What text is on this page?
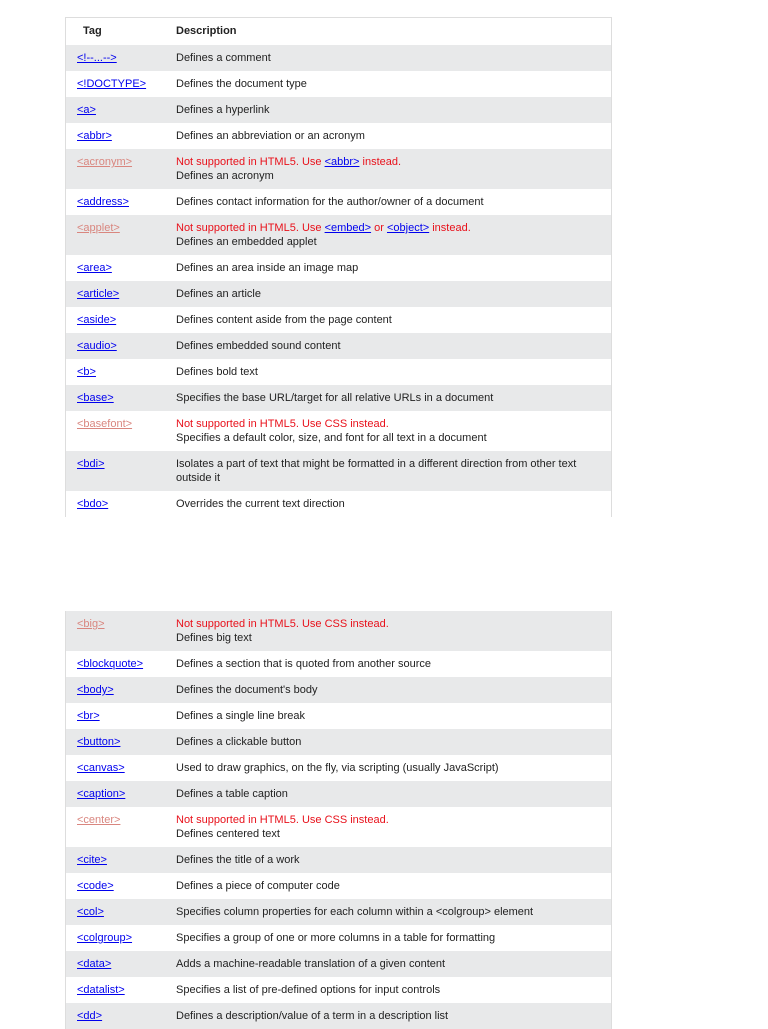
Tag	Description
<!--...-->	Defines a comment
<!DOCTYPE>	Defines the document type
<a>	Defines a hyperlink
<abbr>	Defines an abbreviation or an acronym
<acronym>	Not supported in HTML5. Use <abbr> instead.
Defines an acronym
<address>	Defines contact information for the author/owner of a document
<applet>	Not supported in HTML5. Use <embed> or <object> instead.
Defines an embedded applet
<area>	Defines an area inside an image map
<article>	Defines an article
<aside>	Defines content aside from the page content
<audio>	Defines embedded sound content
<b>	Defines bold text
<base>	Specifies the base URL/target for all relative URLs in a document
<basefont>	Not supported in HTML5. Use CSS instead.
Specifies a default color, size, and font for all text in a document
<bdi>	Isolates a part of text that might be formatted in a different direction from other text outside it
<bdo>	Overrides the current text direction
<big>	Not supported in HTML5. Use CSS instead.
Defines big text
<blockquote>	Defines a section that is quoted from another source
<body>	Defines the document's body
<br>	Defines a single line break
<button>	Defines a clickable button
<canvas>	Used to draw graphics, on the fly, via scripting (usually JavaScript)
<caption>	Defines a table caption
<center>	Not supported in HTML5. Use CSS instead.
Defines centered text
<cite>	Defines the title of a work
<code>	Defines a piece of computer code
<col>	Specifies column properties for each column within a <colgroup> element
<colgroup>	Specifies a group of one or more columns in a table for formatting
<data>	Adds a machine-readable translation of a given content
<datalist>	Specifies a list of pre-defined options for input controls
<dd>	Defines a description/value of a term in a description list
